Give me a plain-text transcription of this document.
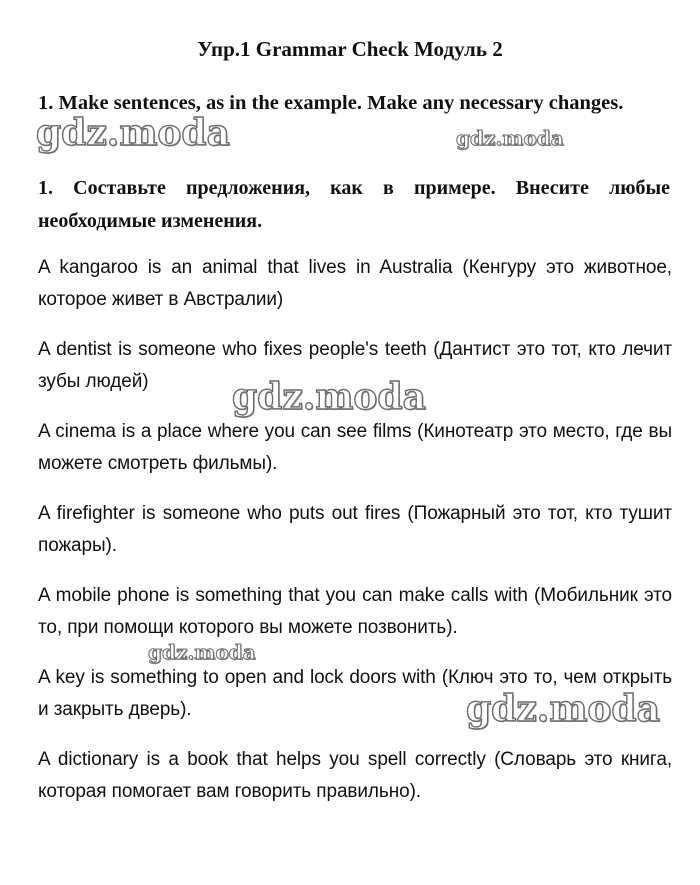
Упр.1 Grammar Check Модуль 2
1. Make sentences, as in the example. Make any necessary changes.
1. Составьте предложения, как в примере. Внесите любые необходимые изменения.
A kangaroo is an animal that lives in Australia (Кенгуру это животное, которое живет в Австралии)
A dentist is someone who fixes people's teeth (Дантист это тот, кто лечит зубы людей)
A cinema is a place where you can see films (Кинотеатр это место, где вы можете смотреть фильмы).
A firefighter is someone who puts out fires (Пожарный это тот, кто тушит пожары).
A mobile phone is something that you can make calls with (Мобильник это то, при помощи которого вы можете позвонить).
A key is something to open and lock doors with (Ключ это то, чем открыть и закрыть дверь).
A dictionary is a book that helps you spell correctly (Словарь это книга, которая помогает вам говорить правильно).
gdz.moda	gdz.moda
gdz.moda
gdz.moda
gdz.moda
